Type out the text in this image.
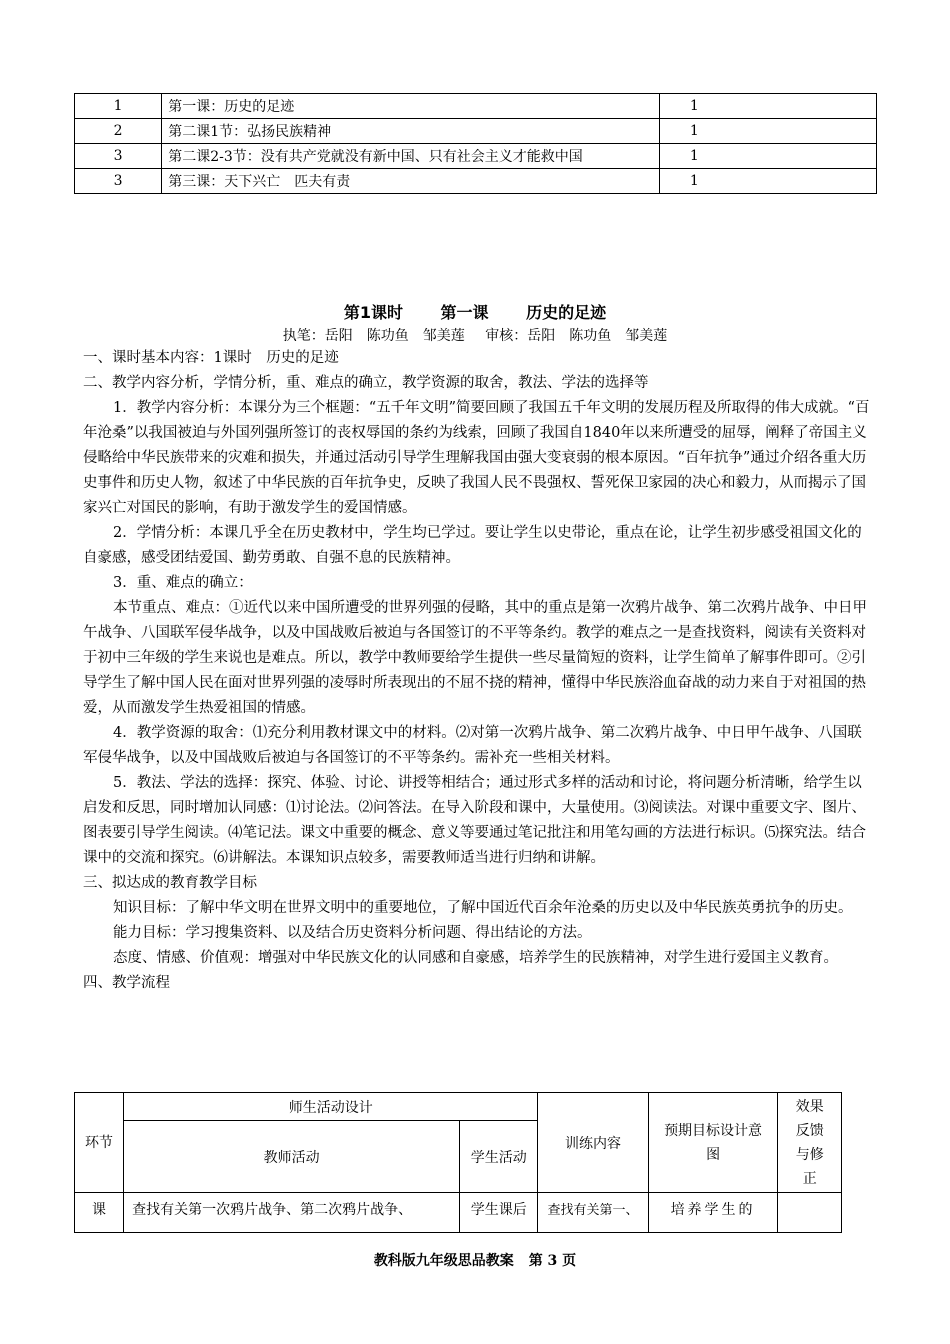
1	第一课：历史的足迹	1
2	第二课1节：弘扬民族精神	1
3	第二课2-3节：没有共产党就没有新中国、只有社会主义才能救中国	1
3	第三课：天下兴亡　匹夫有责	1
第1课时 第一课 历史的足迹
执笔：岳阳　陈功鱼　邹美莲 审核：岳阳　陈功鱼　邹美莲

一、课时基本内容：1课时　历史的足迹

二、教学内容分析，学情分析，重、难点的确立，教学资源的取舍，教法、学法的选择等

1．教学内容分析：本课分为三个框题：“五千年文明”简要回顾了我国五千年文明的发展历程及所取得的伟大成就。“百年沧桑”以我国被迫与外国列强所签订的丧权辱国的条约为线索，回顾了我国自1840年以来所遭受的屈辱，阐释了帝国主义侵略给中华民族带来的灾难和损失，并通过活动引导学生理解我国由强大变衰弱的根本原因。“百年抗争”通过介绍各重大历史事件和历史人物，叙述了中华民族的百年抗争史，反映了我国人民不畏强权、誓死保卫家园的决心和毅力，从而揭示了国家兴亡对国民的影响，有助于激发学生的爱国情感。

2．学情分析：本课几乎全在历史教材中，学生均已学过。要让学生以史带论，重点在论，让学生初步感受祖国文化的自豪感，感受团结爱国、勤劳勇敢、自强不息的民族精神。

3．重、难点的确立：

本节重点、难点：①近代以来中国所遭受的世界列强的侵略，其中的重点是第一次鸦片战争、第二次鸦片战争、中日甲午战争、八国联军侵华战争，以及中国战败后被迫与各国签订的不平等条约。教学的难点之一是查找资料，阅读有关资料对于初中三年级的学生来说也是难点。所以，教学中教师要给学生提供一些尽量简短的资料，让学生简单了解事件即可。②引导学生了解中国人民在面对世界列强的凌辱时所表现出的不屈不挠的精神，懂得中华民族浴血奋战的动力来自于对祖国的热爱，从而激发学生热爱祖国的情感。

4．教学资源的取舍：⑴充分利用教材课文中的材料。⑵对第一次鸦片战争、第二次鸦片战争、中日甲午战争、八国联军侵华战争，以及中国战败后被迫与各国签订的不平等条约。需补充一些相关材料。

5．教法、学法的选择：探究、体验、讨论、讲授等相结合；通过形式多样的活动和讨论，将问题分析清晰，给学生以启发和反思，同时增加认同感：⑴讨论法。⑵问答法。在导入阶段和课中，大量使用。⑶阅读法。对课中重要文字、图片、图表要引导学生阅读。⑷笔记法。课文中重要的概念、意义等要通过笔记批注和用笔勾画的方法进行标识。⑸探究法。结合课中的交流和探究。⑹讲解法。本课知识点较多，需要教师适当进行归纳和讲解。

三、拟达成的教育教学目标

知识目标：了解中华文明在世界文明中的重要地位，了解中国近代百余年沧桑的历史以及中华民族英勇抗争的历史。

能力目标：学习搜集资料、以及结合历史资料分析问题、得出结论的方法。

态度、情感、价值观：增强对中华民族文化的认同感和自豪感，培养学生的民族精神，对学生进行爱国主义教育。

四、教学流程

环节	师生活动设计		训练内容	预期目标设计意图	效果反馈与修正
	教师活动	学生活动			
课	查找有关第一次鸦片战争、第二次鸦片战争、	学生课后	查找有关第一、	培养学生的	
教科版九年级思品教案 第 3 页
